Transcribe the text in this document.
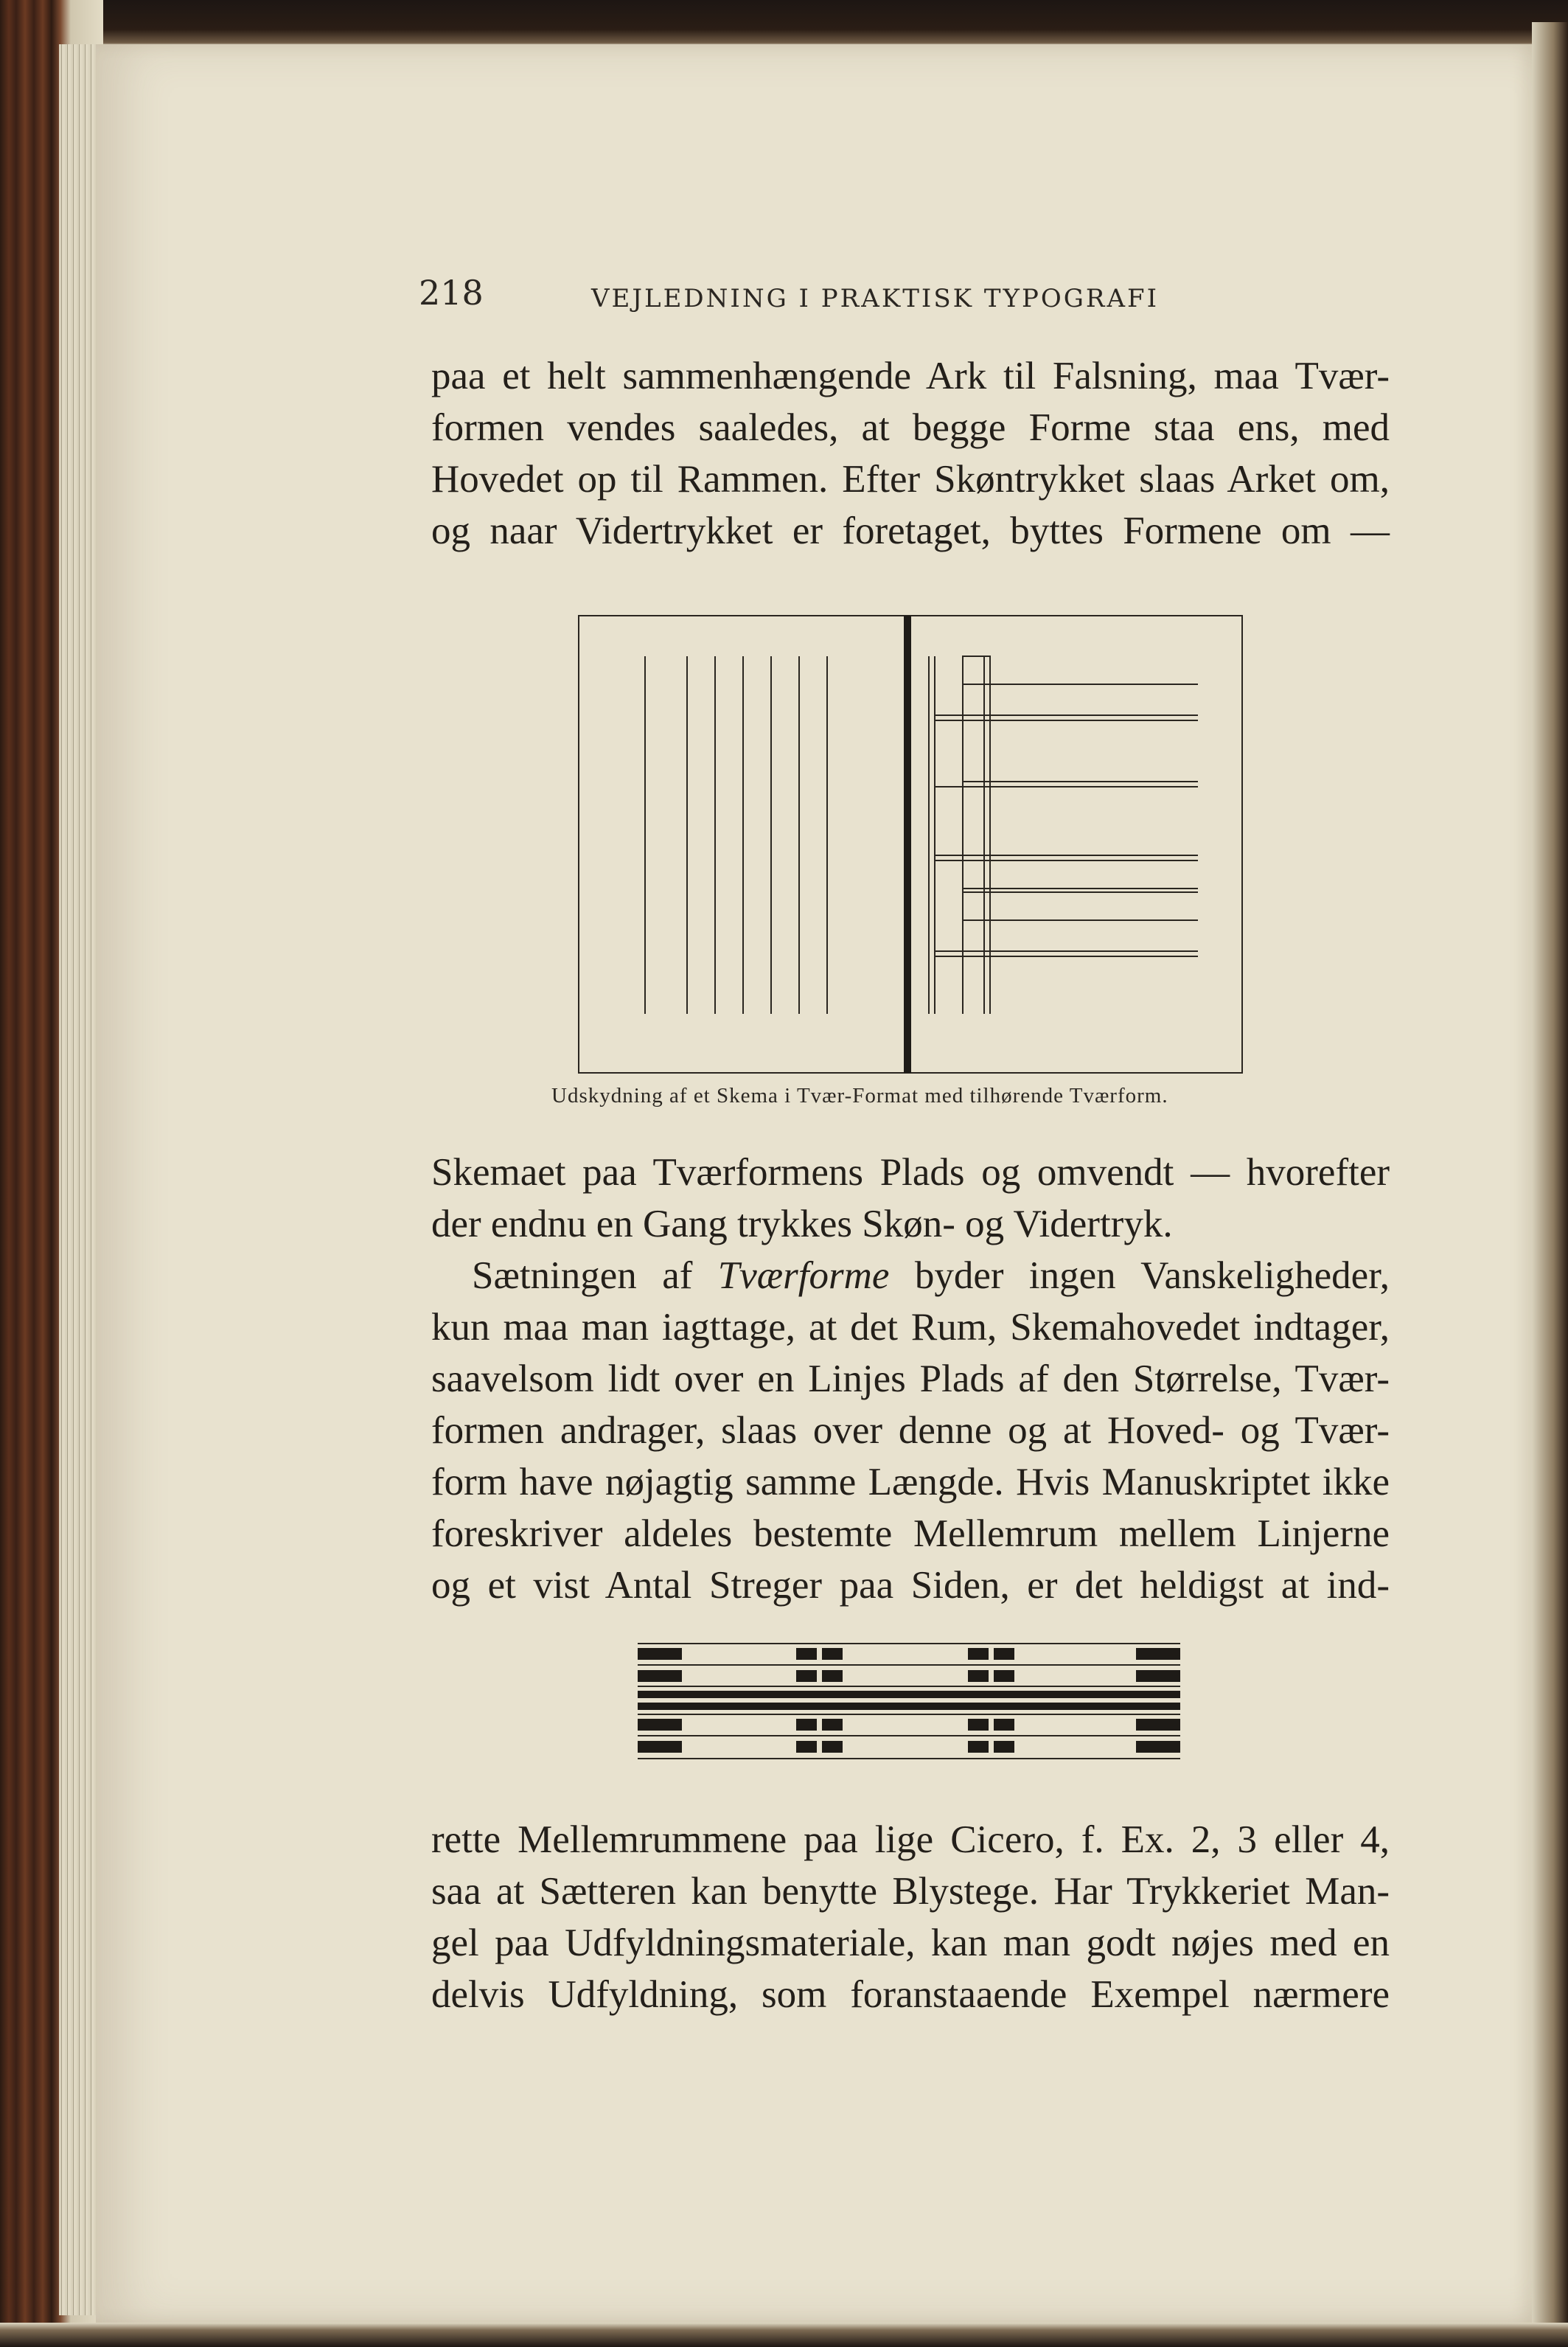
218	VEJLEDNING I PRAKTISK TYPOGRAFI
paa et helt sammenhængende Ark til Falsning, maa Tvær-
formen vendes saaledes, at begge Forme staa ens, med
Hovedet op til Rammen. Efter Skøntrykket slaas Arket om,
og naar Vidertrykket er foretaget, byttes Formene om —
Udskydning af et Skema i Tvær-Format med tilhørende Tværform.
Skemaet paa Tværformens Plads og omvendt — hvorefter
der endnu en Gang trykkes Skøn- og Vidertryk.
Sætningen af Tværforme byder ingen Vanskeligheder,
kun maa man iagttage, at det Rum, Skemahovedet indtager,
saavelsom lidt over en Linjes Plads af den Størrelse, Tvær-
formen andrager, slaas over denne og at Hoved- og Tvær-
form have nøjagtig samme Længde. Hvis Manuskriptet ikke
foreskriver aldeles bestemte Mellemrum mellem Linjerne
og et vist Antal Streger paa Siden, er det heldigst at ind-
rette Mellemrummene paa lige Cicero, f. Ex. 2, 3 eller 4,
saa at Sætteren kan benytte Blystege. Har Trykkeriet Man-
gel paa Udfyldningsmateriale, kan man godt nøjes med en
delvis Udfyldning, som foranstaaende Exempel nærmere
